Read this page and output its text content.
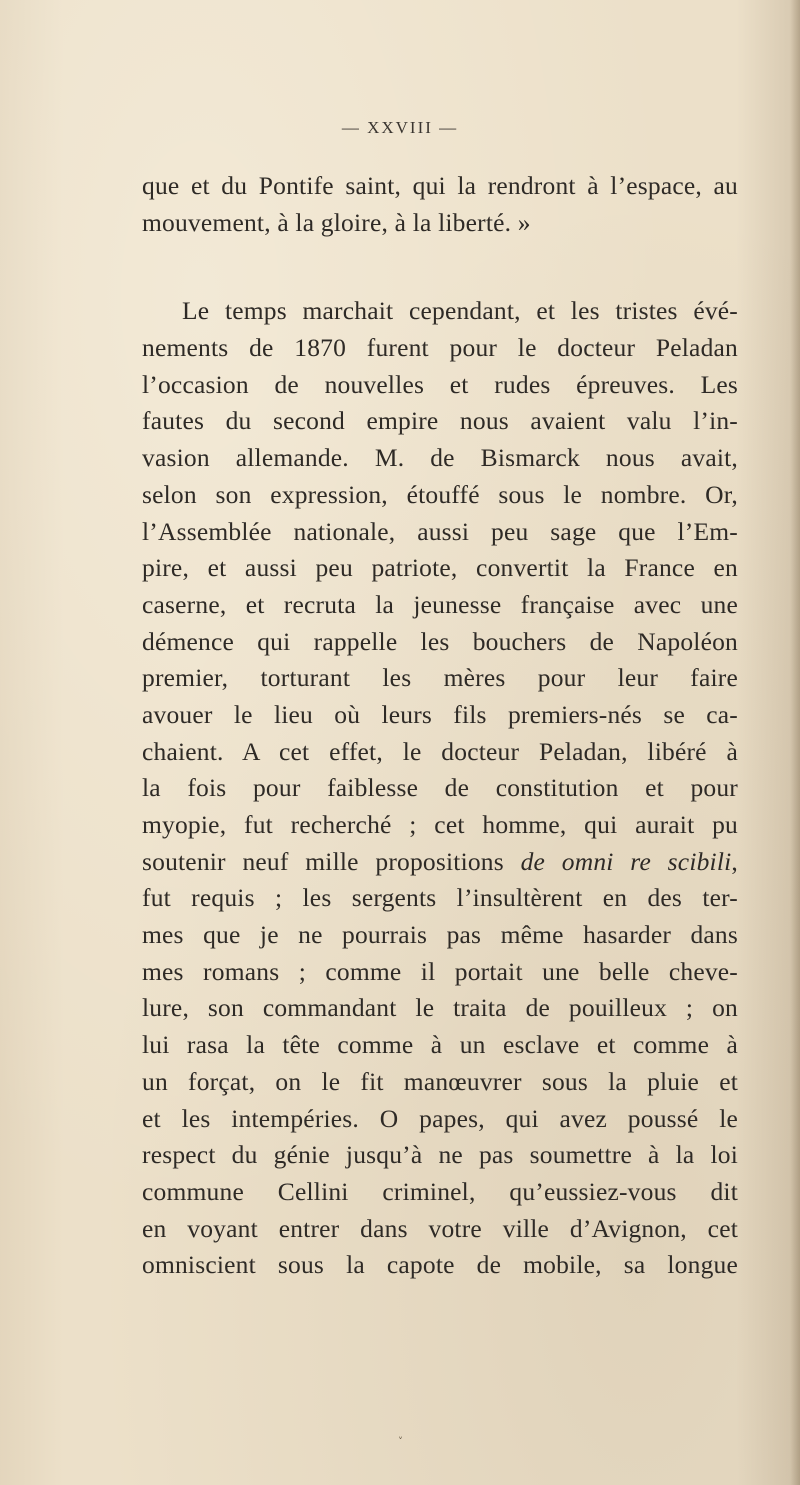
— XXVIII —
que et du Pontife saint, qui la rendront à l’espace, au
mouvement, à la gloire, à la liberté. »
Le temps marchait cependant, et les tristes évé-
nements de 1870 furent pour le docteur Peladan
l’occasion de nouvelles et rudes épreuves. Les
fautes du second empire nous avaient valu l’in-
vasion allemande. M. de Bismarck nous avait,
selon son expression, étouffé sous le nombre. Or,
l’Assemblée nationale, aussi peu sage que l’Em-
pire, et aussi peu patriote, convertit la France en
caserne, et recruta la jeunesse française avec une
démence qui rappelle les bouchers de Napoléon
premier, torturant les mères pour leur faire
avouer le lieu où leurs fils premiers-nés se ca-
chaient. A cet effet, le docteur Peladan, libéré à
la fois pour faiblesse de constitution et pour
myopie, fut recherché ; cet homme, qui aurait pu
soutenir neuf mille propositions de omni re scibili,
fut requis ; les sergents l’insultèrent en des ter-
mes que je ne pourrais pas même hasarder dans
mes romans ; comme il portait une belle cheve-
lure, son commandant le traita de pouilleux ; on
lui rasa la tête comme à un esclave et comme à
un forçat, on le fit manœuvrer sous la pluie et
et les intempéries. O papes, qui avez poussé le
respect du génie jusqu’à ne pas soumettre à la loi
commune Cellini criminel, qu’eussiez-vous dit
en voyant entrer dans votre ville d’Avignon, cet
omniscient sous la capote de mobile, sa longue
˅
